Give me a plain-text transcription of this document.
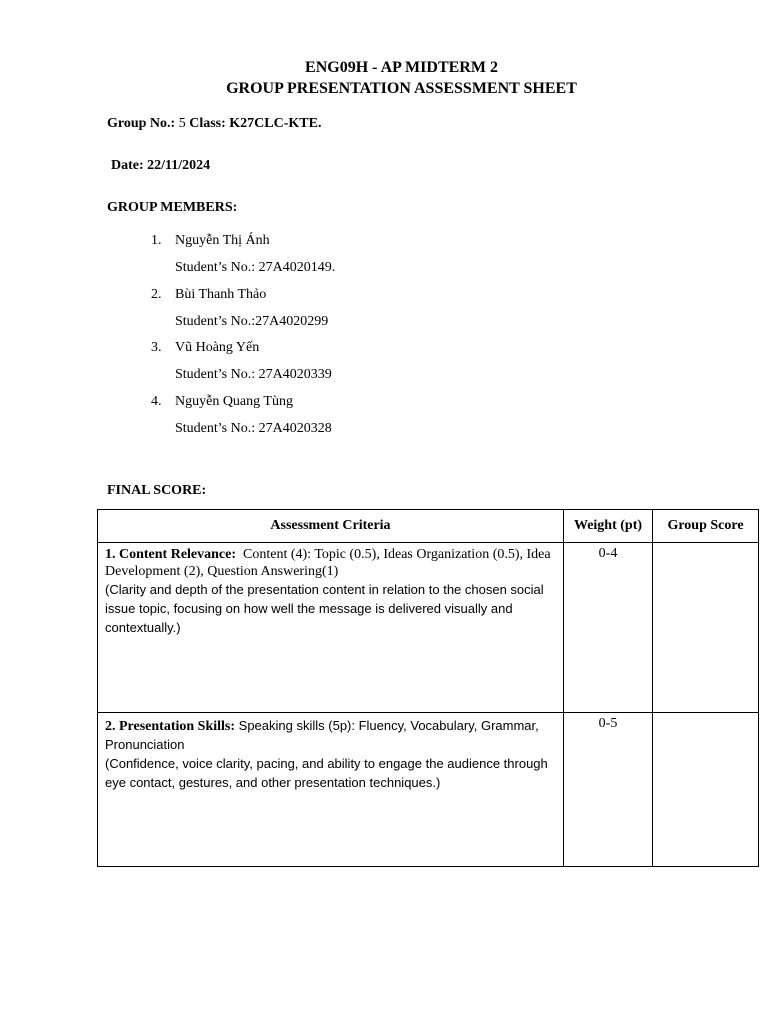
ENG09H - AP MIDTERM 2
GROUP PRESENTATION ASSESSMENT SHEET
Group No.: 5 Class: K27CLC-KTE.
Date: 22/11/2024
GROUP MEMBERS:
1. Nguyễn Thị Ánh
Student’s No.: 27A4020149.
2. Bùi Thanh Thảo
Student’s No.:27A4020299
3. Vũ Hoàng Yến
Student’s No.: 27A4020339
4. Nguyễn Quang Tùng
Student’s No.: 27A4020328
FINAL SCORE:
Assessment Criteria	Weight (pt)	Group Score

1. Content Relevance: Content (4): Topic (0.5), Ideas Organization (0.5), Idea Development (2), Question Answering(1)
(Clarity and depth of the presentation content in relation to the chosen social issue topic, focusing on how well the message is delivered visually and contextually.)	0-4	

2. Presentation Skills: Speaking skills (5p): Fluency, Vocabulary, Grammar, Pronunciation
(Confidence, voice clarity, pacing, and ability to engage the audience through eye contact, gestures, and other presentation techniques.)	0-5	
